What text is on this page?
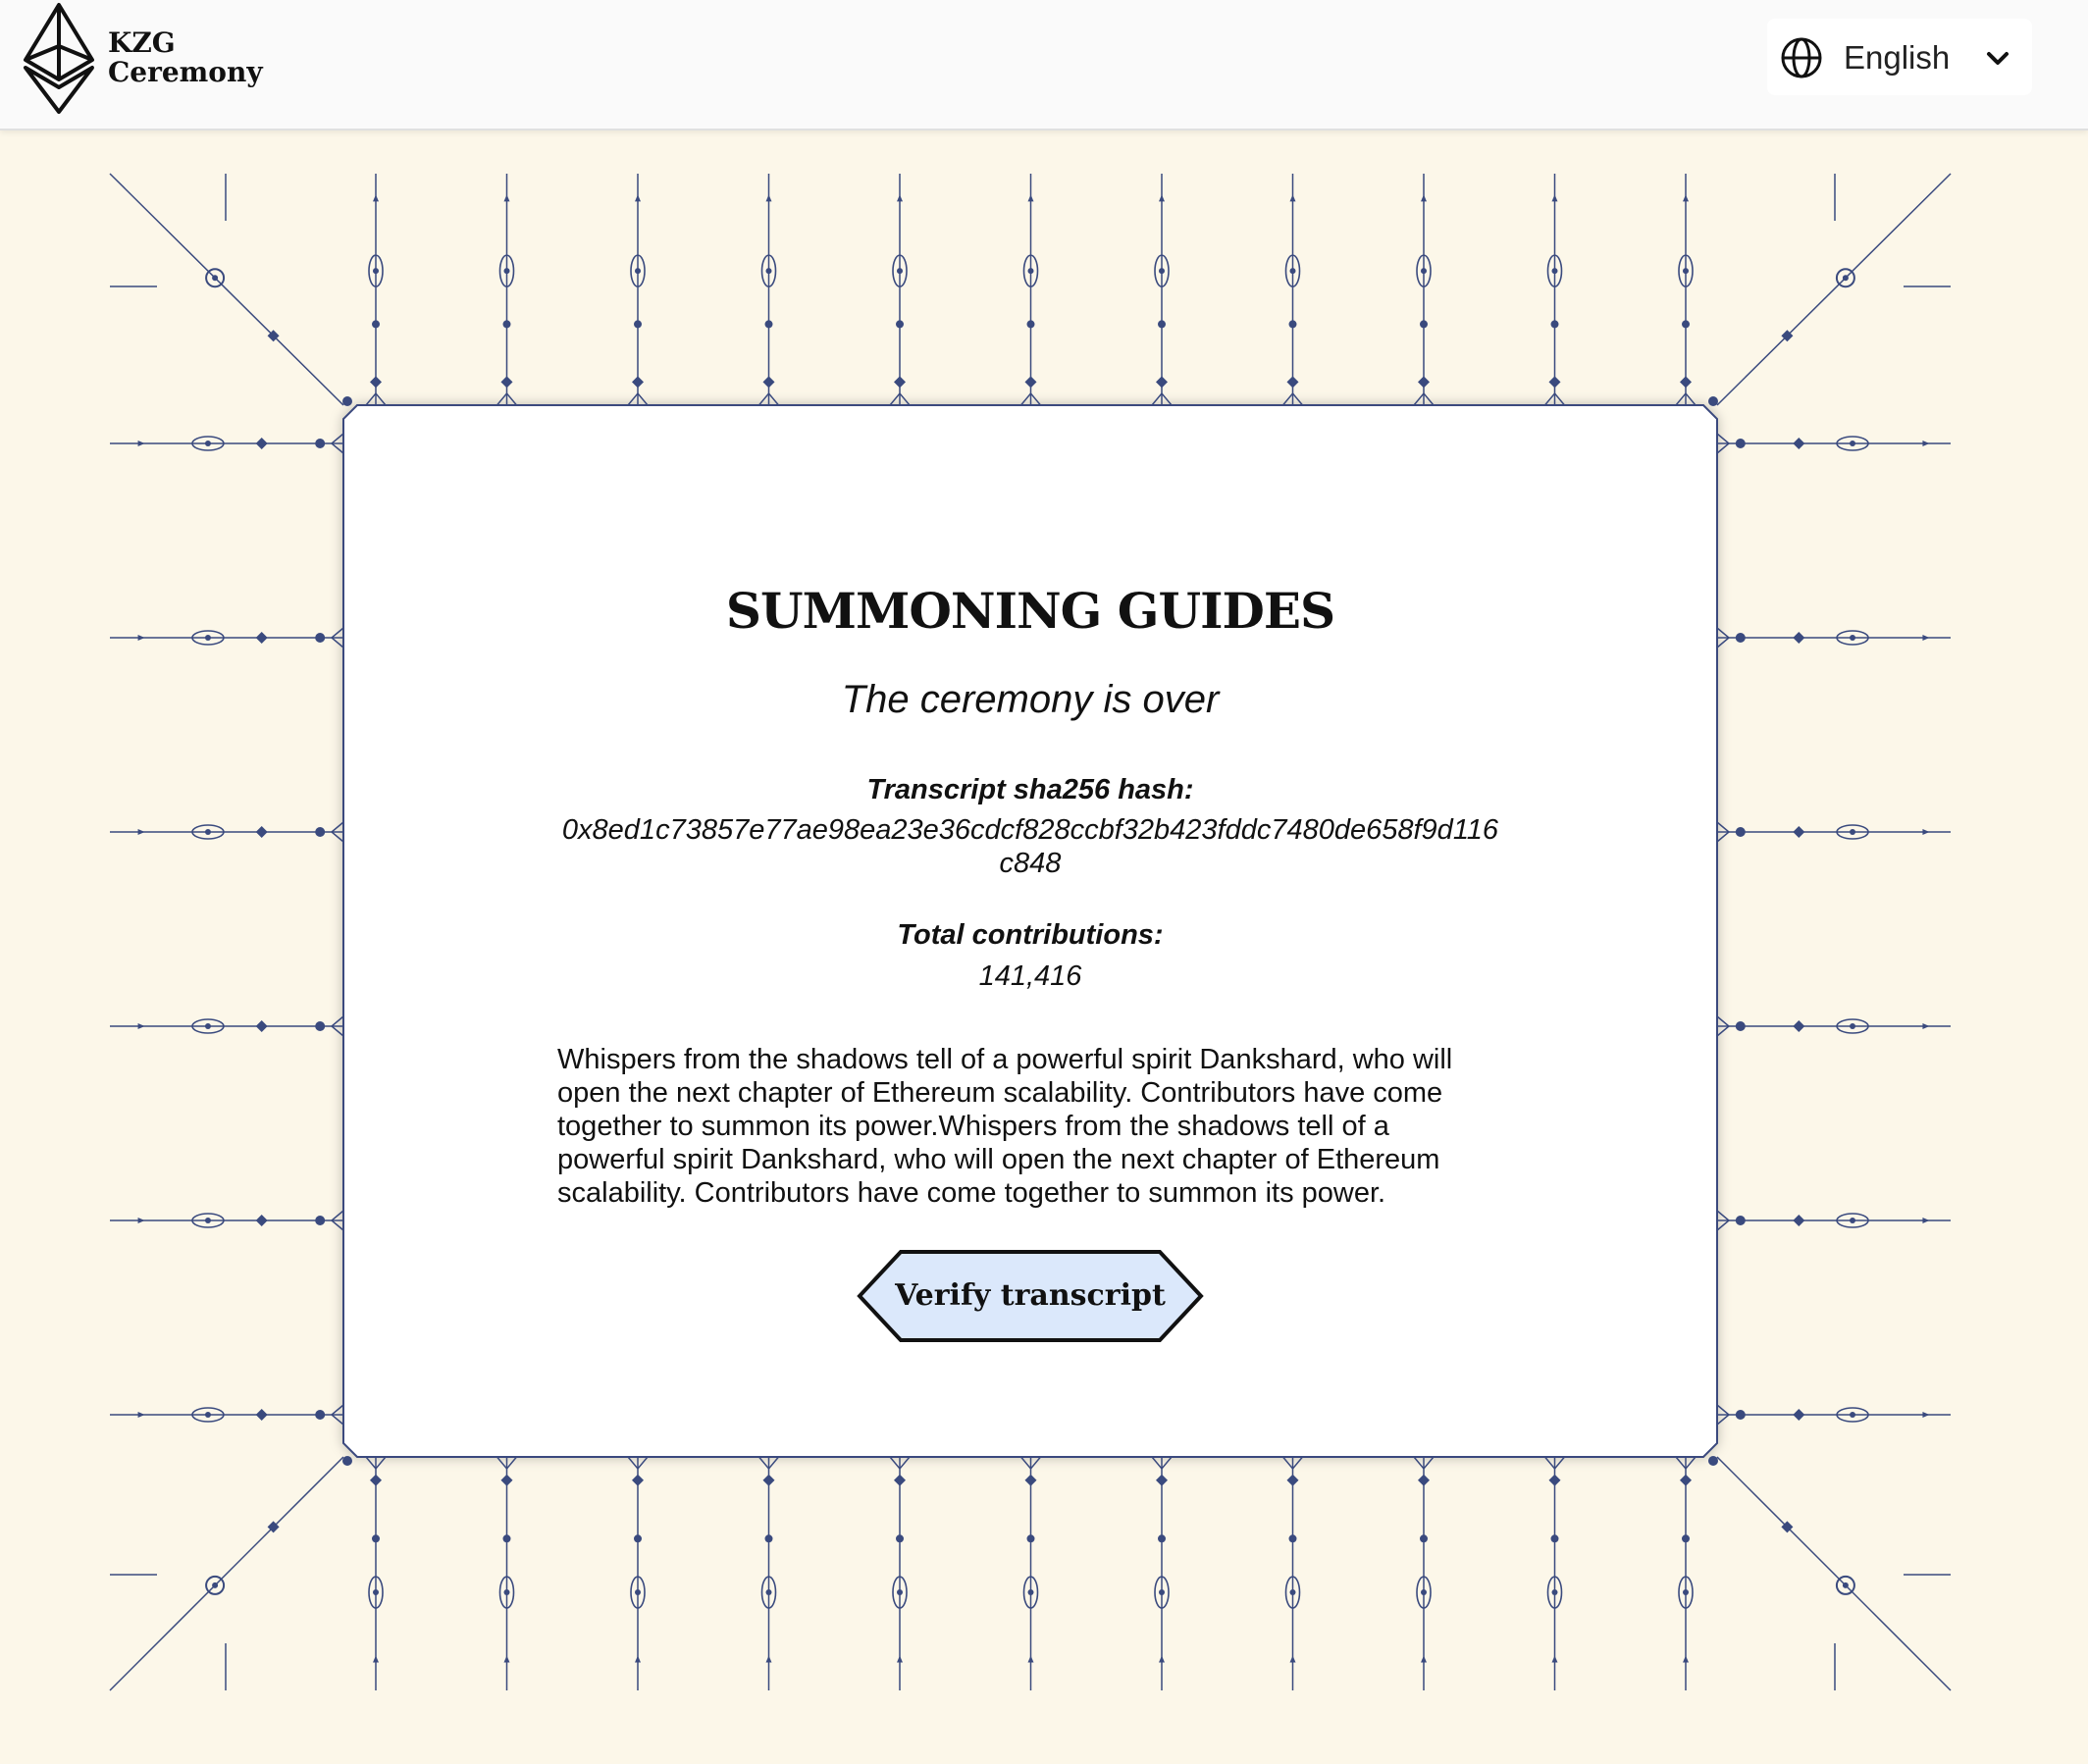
KZG
Ceremony	English
SUMMONING GUIDES
The ceremony is over
Transcript sha256 hash:
0x8ed1c73857e77ae98ea23e36cdcf828ccbf32b423fddc7480de658f9d116c848
Total contributions:
141,416
Whispers from the shadows tell of a powerful spirit Dankshard, who will open the next chapter of Ethereum scalability. Contributors have come together to summon its power.Whispers from the shadows tell of a powerful spirit Dankshard, who will open the next chapter of Ethereum scalability. Contributors have come together to summon its power.
Verify transcript
